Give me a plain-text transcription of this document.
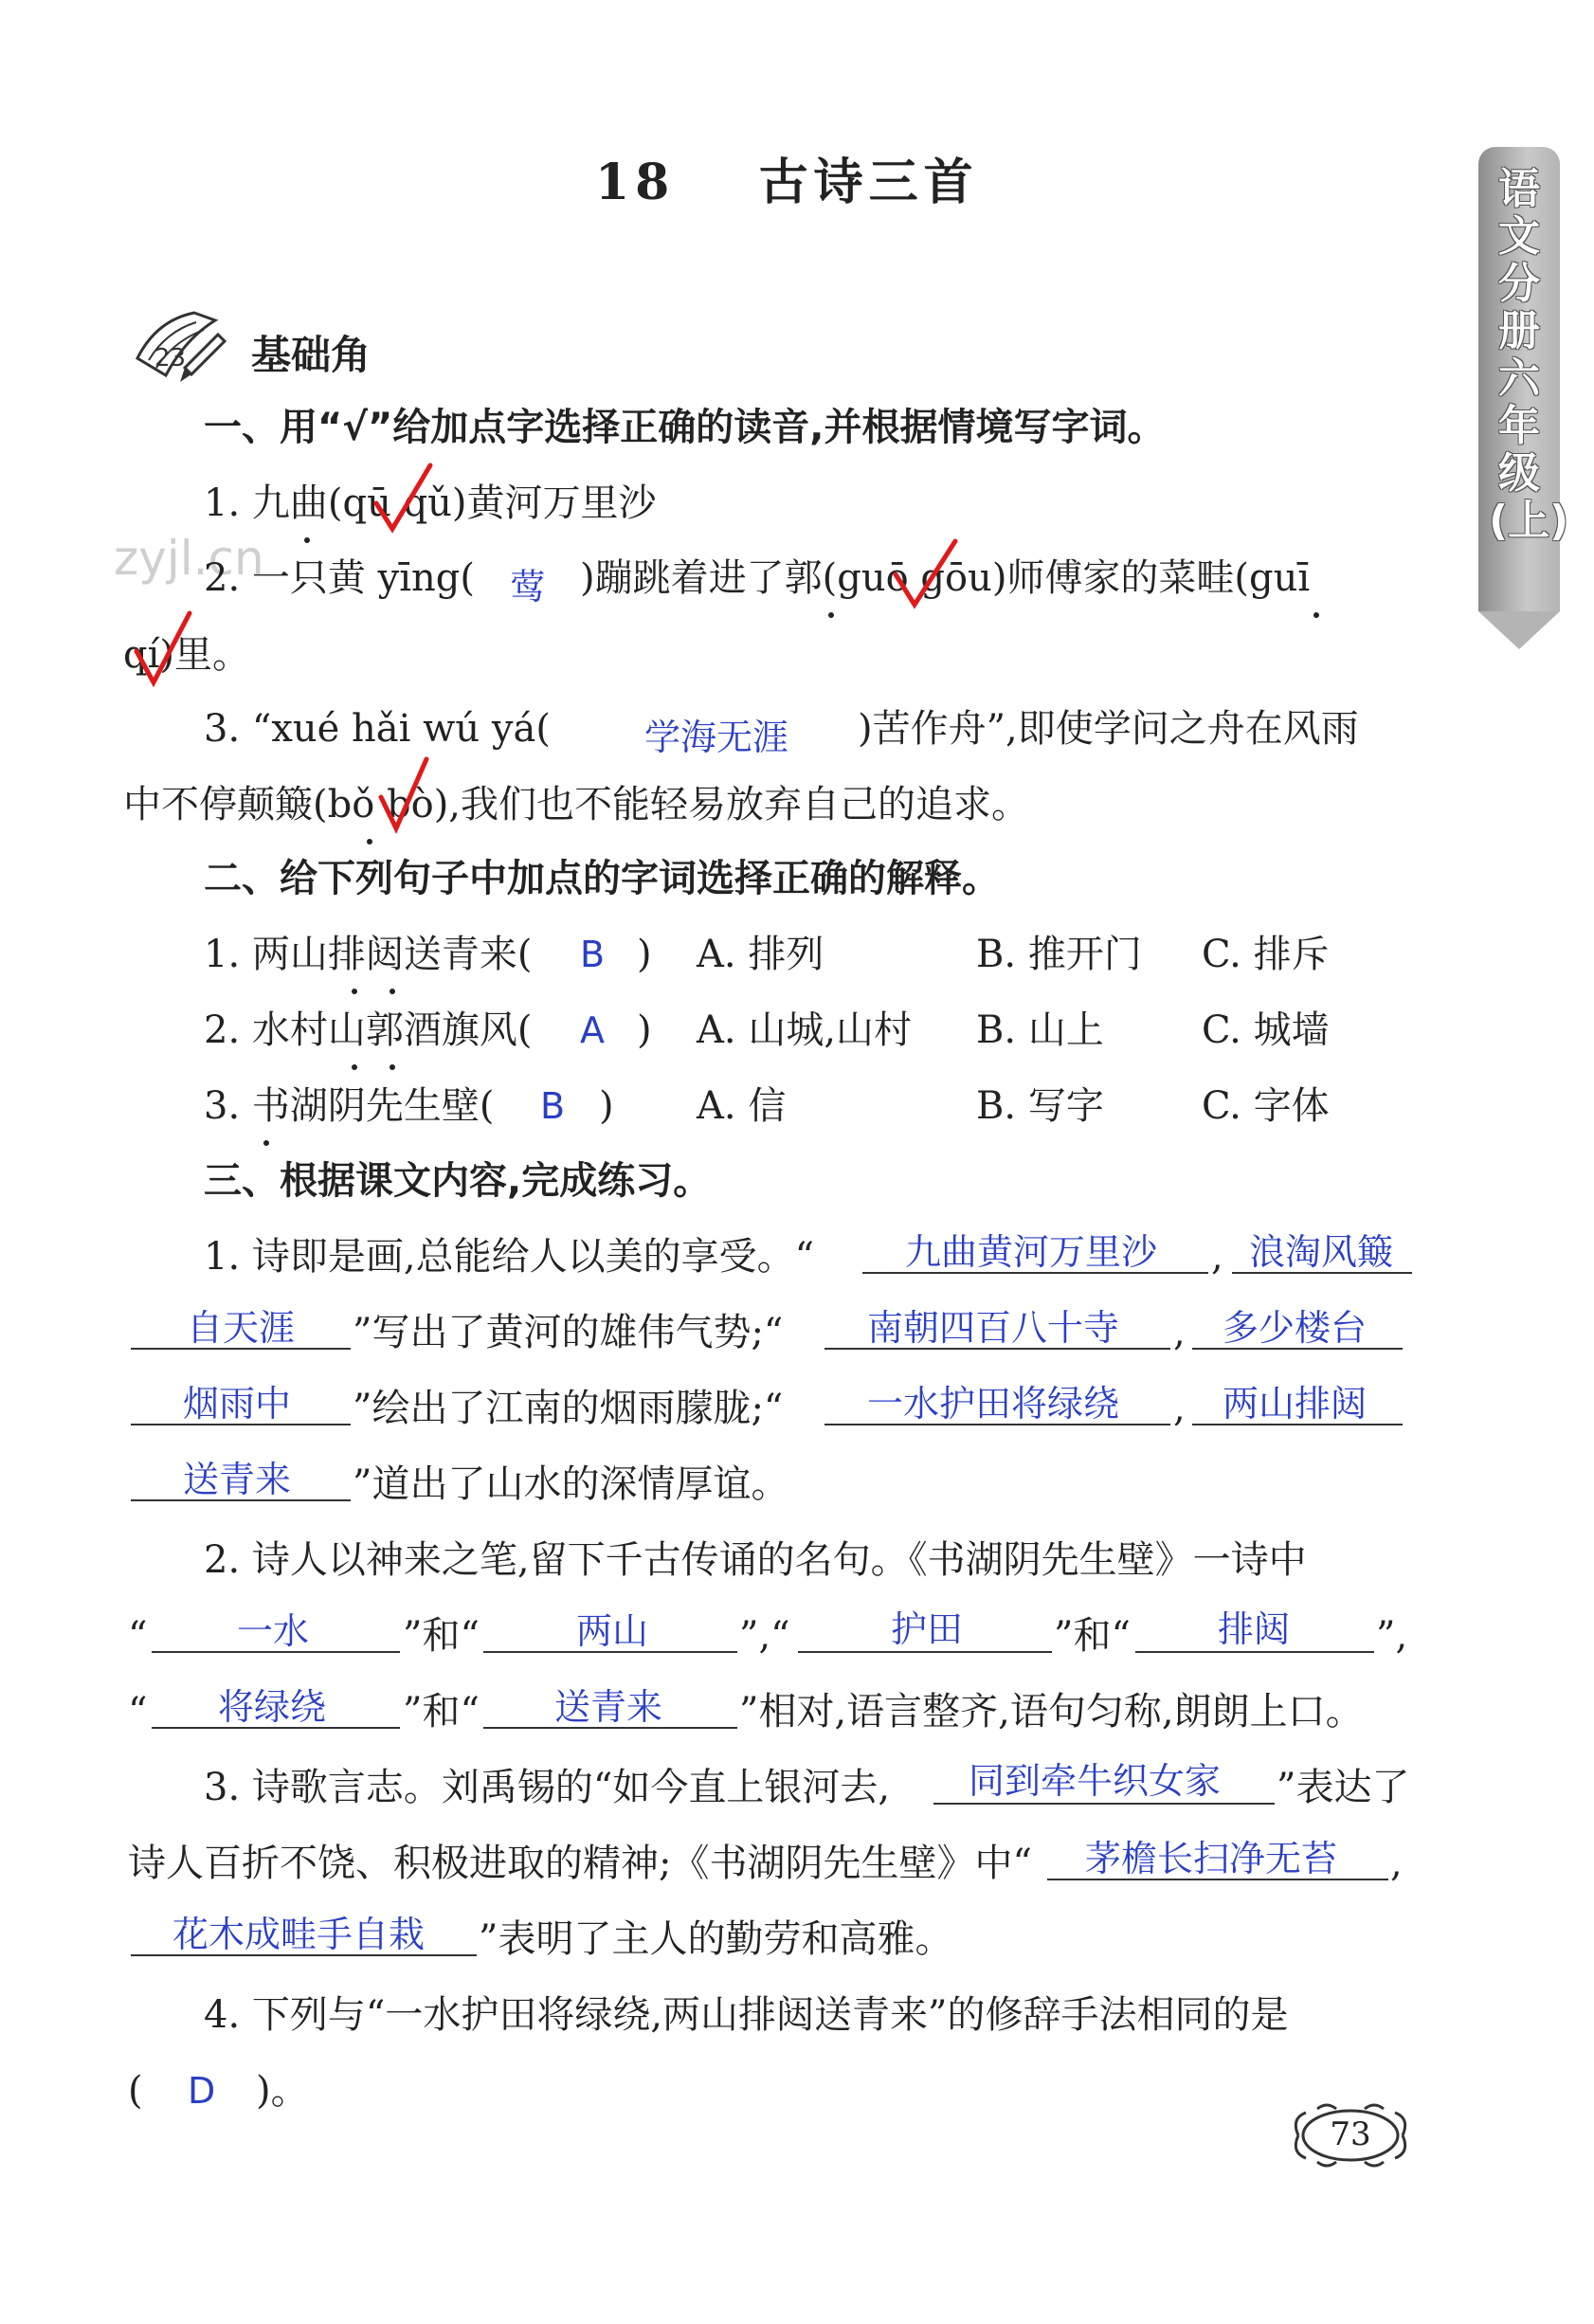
18 古诗三首	语文分册 六年级(上)
zyjl.cn
23 基础角
一、用“√”给加点字选择正确的读音,并根据情境写字词。
1. 九曲(qū qǔ)黄河万里沙
2. 一只黄 yīng( 莺 )蹦跳着进了郭(guō gōu)师傅家的菜畦(guī
qí)里。
3. “xué hǎi wú yá(	学海无涯 )苦作舟”,即使学问之舟在风雨
中不停颠簸(bǒ bò),我们也不能轻易放弃自己的追求。
二、给下列句子中加点的字词选择正确的解释。
1. 两山排闼送青来( B ) A. 排列	B. 推开门 C. 排斥
2. 水村山郭酒旗风( A ) A. 山城,山村 B. 山上	C. 城墙
3. 书湖阴先生壁( B ) A. 信	B. 写字	C. 字体
三、根据课文内容,完成练习。
1. 诗即是画,总能给人以美的享受。“	九曲黄河万里沙 , 浪淘风簸
自天涯 ”写出了黄河的雄伟气势;“ 南朝四百八十寺 , 多少楼台
烟雨中 ”绘出了江南的烟雨朦胧;“ 一水护田将绿绕 , 两山排闼
送青来 ”道出了山水的深情厚谊。
2. 诗人以神来之笔,留下千古传诵的名句。《书湖阴先生壁》一诗中
“ 一水 ”和“	两山 ”,“	护田 ”和“ 排闼 ”,
“ 将绿绕 ”和“ 送青来 ”相对,语言整齐,语句匀称,朗朗上口。
3. 诗歌言志。刘禹锡的“如今直上银河去, 同到牵牛织女家 ”表达了
诗人百折不饶、积极进取的精神;《书湖阴先生壁》中“ 茅檐长扫净无苔 ,
花木成畦手自栽 ”表明了主人的勤劳和高雅。
4. 下列与“一水护田将绿绕,两山排闼送青来”的修辞手法相同的是
( D )。
73
